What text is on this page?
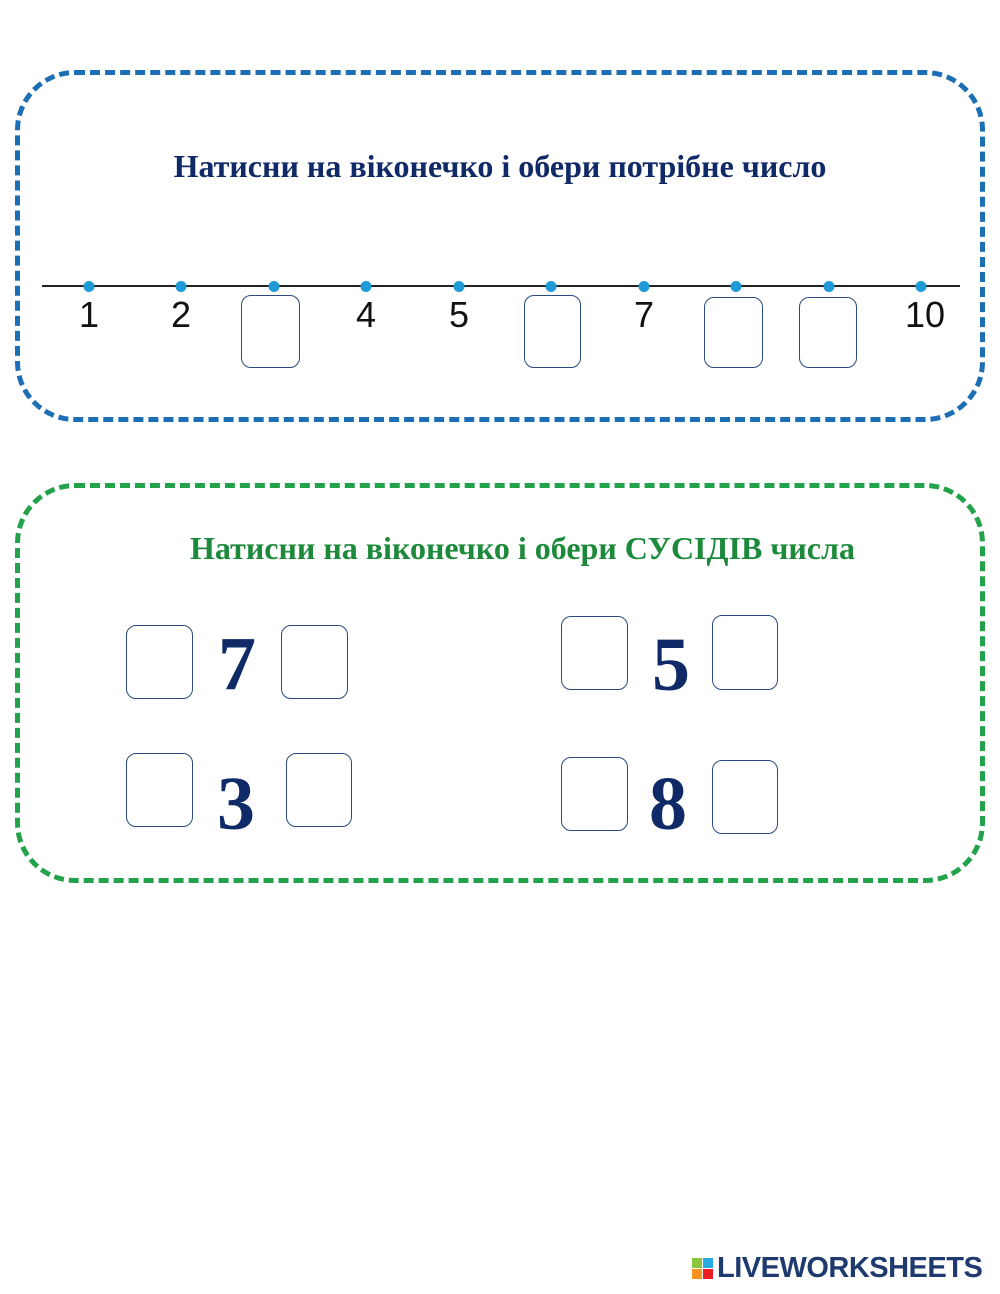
Натисни на віконечко і обери потрібне число
1 2	4 5	7	10
Натисни на віконечко і обери СУСІДІВ числа
7	5
3	8
LIVEWORKSHEETS
